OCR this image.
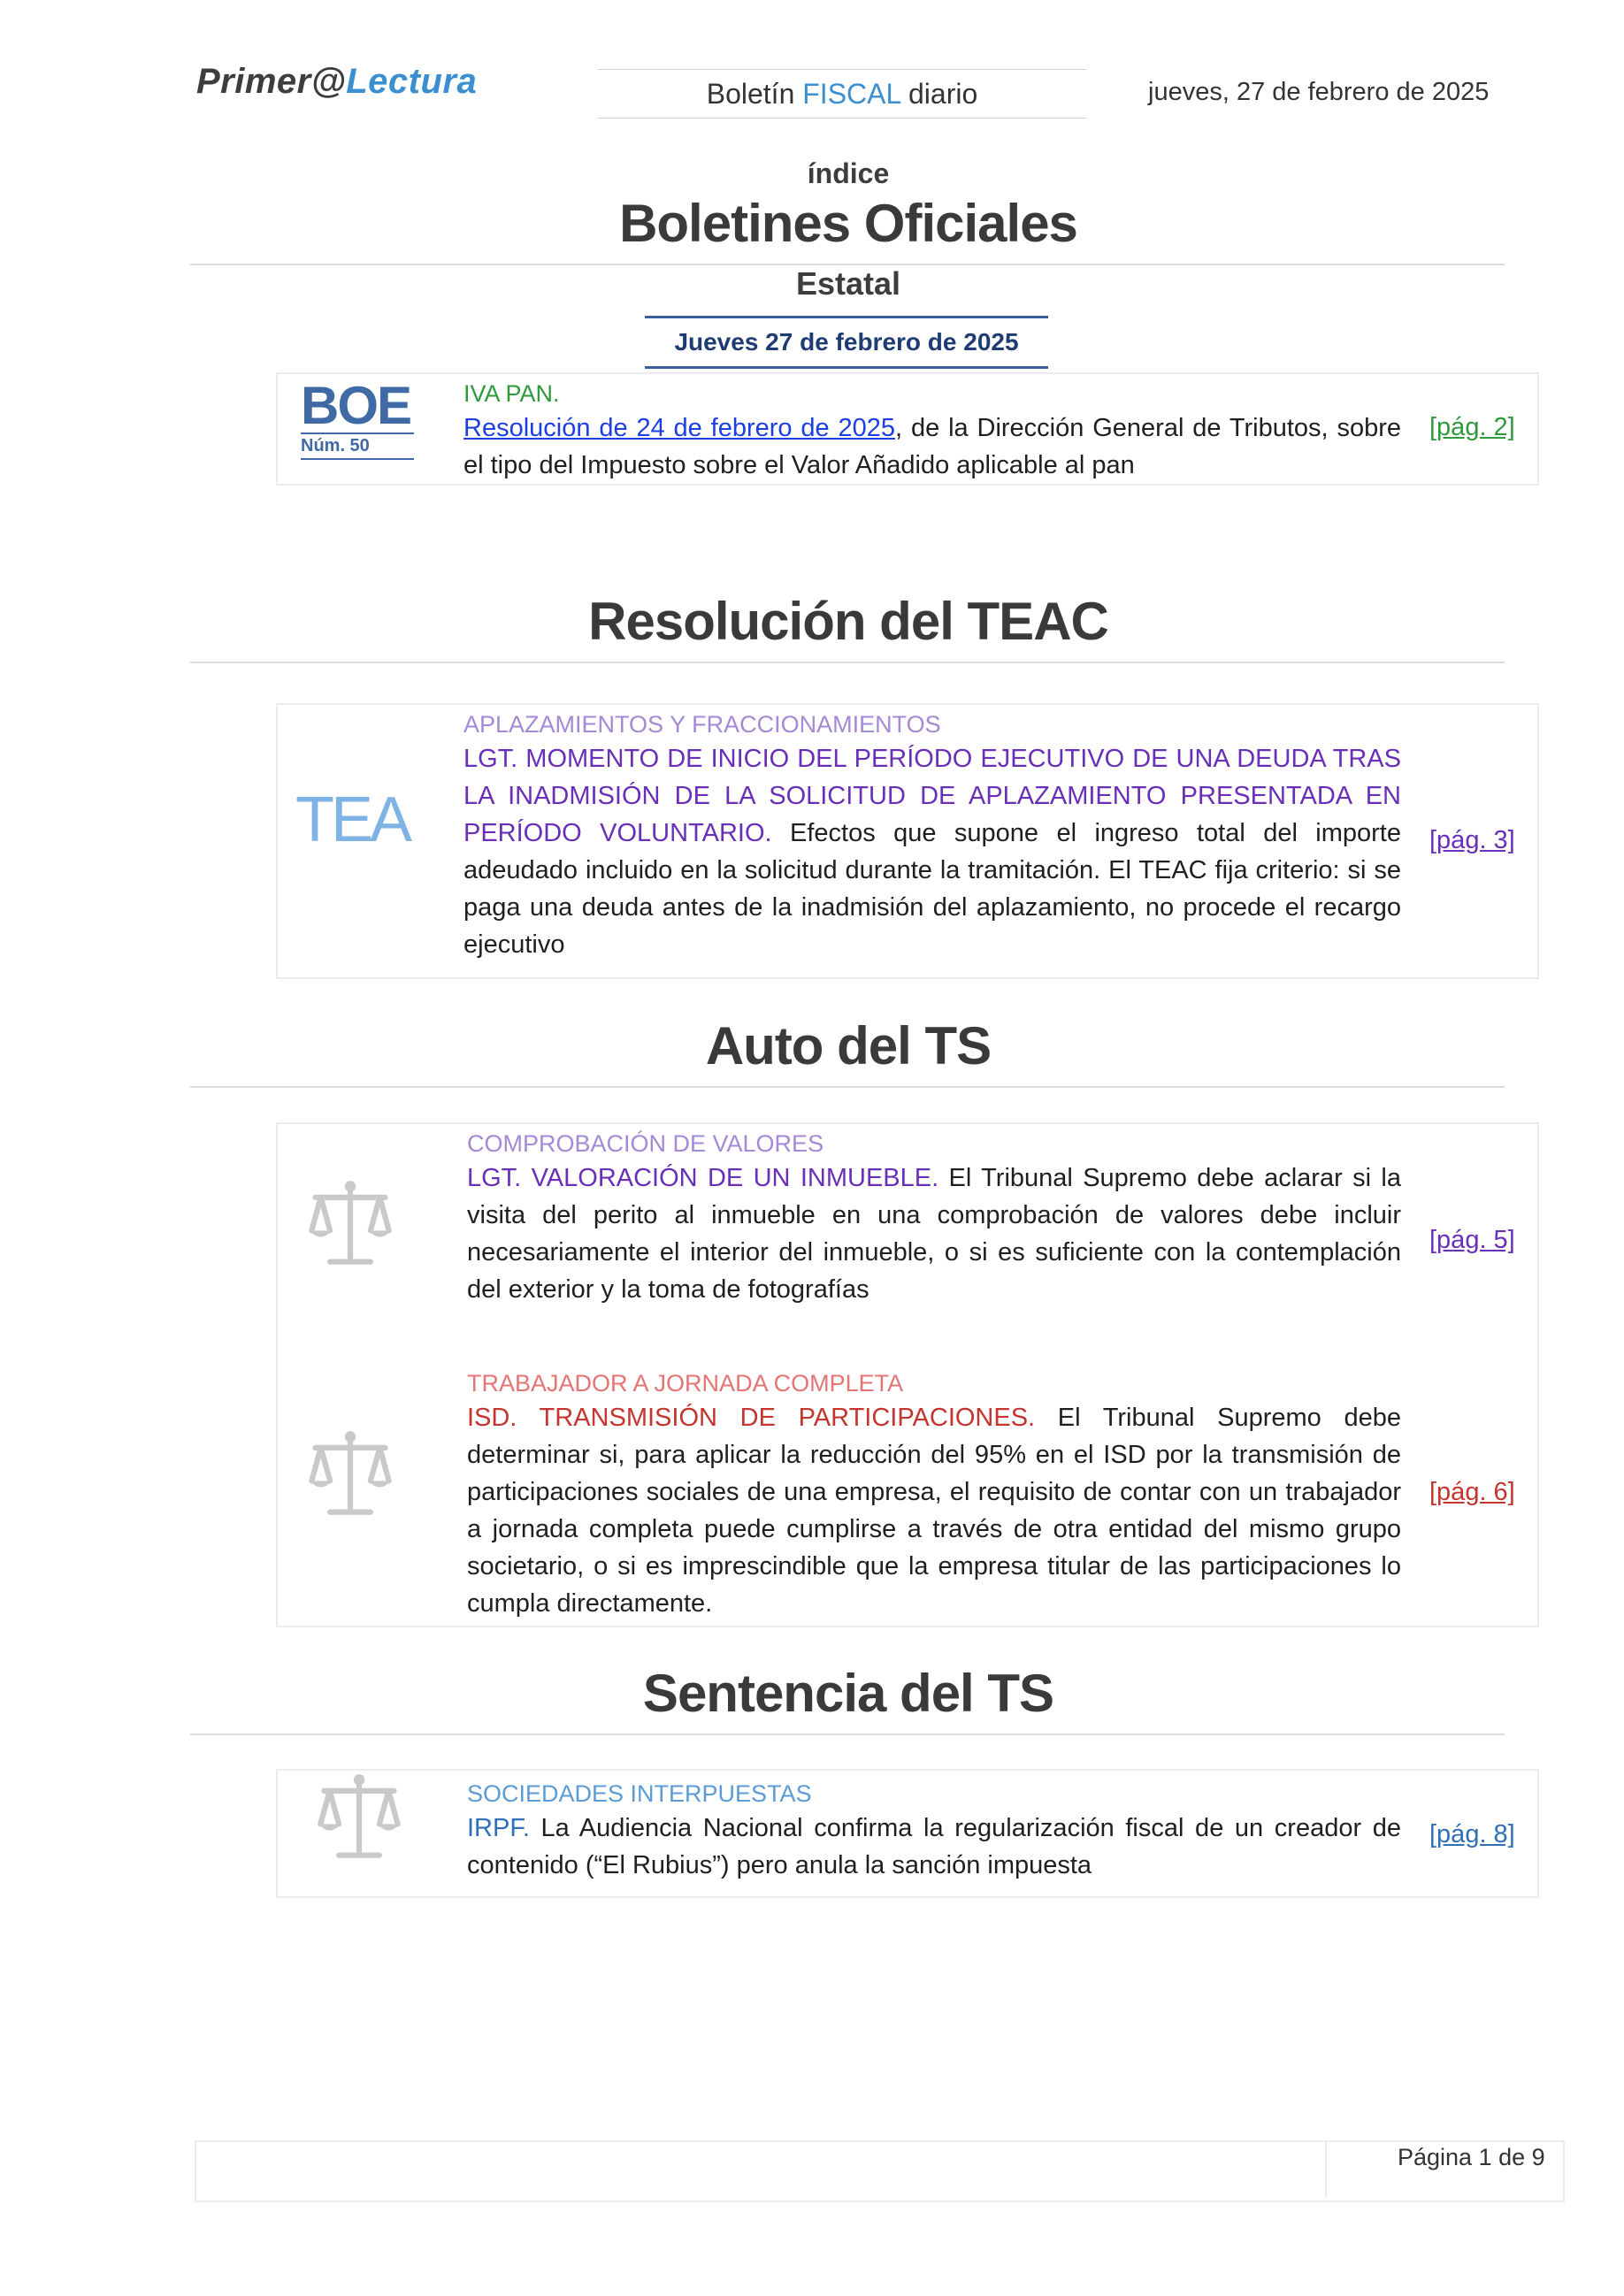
Primer@Lectura	Boletín FISCAL diario	jueves, 27 de febrero de 2025
índice
Boletines Oficiales
Estatal
Jueves 27 de febrero de 2025
BOE
Núm. 50
IVA PAN.
Resolución de 24 de febrero de 2025, de la Dirección General de Tributos, sobre el tipo del Impuesto sobre el Valor Añadido aplicable al pan
[pág. 2]
Resolución del TEAC
TEA
APLAZAMIENTOS Y FRACCIONAMIENTOS
LGT. MOMENTO DE INICIO DEL PERÍODO EJECUTIVO DE UNA DEUDA TRAS LA INADMISIÓN DE LA SOLICITUD DE APLAZAMIENTO PRESENTADA EN PERÍODO VOLUNTARIO. Efectos que supone el ingreso total del importe adeudado incluido en la solicitud durante la tramitación. El TEAC fija criterio: si se paga una deuda antes de la inadmisión del aplazamiento, no procede el recargo ejecutivo
[pág. 3]
Auto del TS
COMPROBACIÓN DE VALORES
LGT. VALORACIÓN DE UN INMUEBLE. El Tribunal Supremo debe aclarar si la visita del perito al inmueble en una comprobación de valores debe incluir necesariamente el interior del inmueble, o si es suficiente con la contemplación del exterior y la toma de fotografías
[pág. 5]
TRABAJADOR A JORNADA COMPLETA
ISD. TRANSMISIÓN DE PARTICIPACIONES. El Tribunal Supremo debe determinar si, para aplicar la reducción del 95% en el ISD por la transmisión de participaciones sociales de una empresa, el requisito de contar con un trabajador a jornada completa puede cumplirse a través de otra entidad del mismo grupo societario, o si es imprescindible que la empresa titular de las participaciones lo cumpla directamente.
[pág. 6]
Sentencia del TS
SOCIEDADES INTERPUESTAS
IRPF. La Audiencia Nacional confirma la regularización fiscal de un creador de contenido (“El Rubius”) pero anula la sanción impuesta
[pág. 8]
Página 1 de 9
